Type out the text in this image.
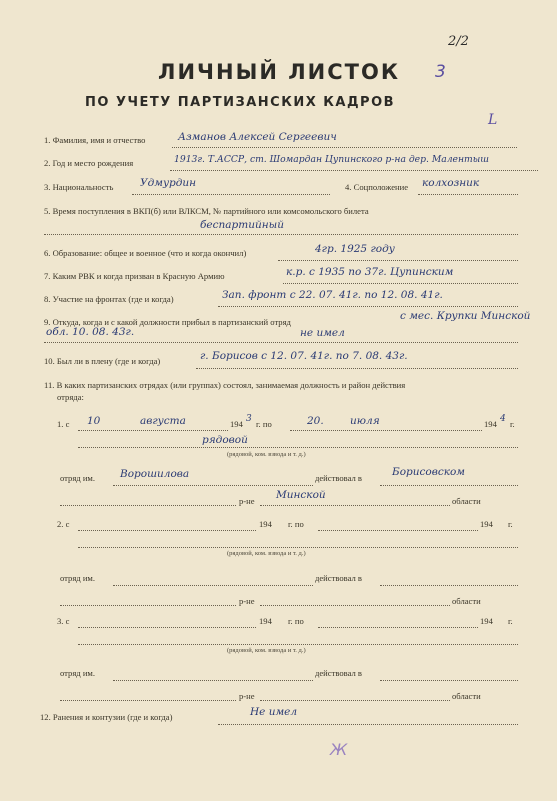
2/2
3
L
ЛИЧНЫЙ ЛИСТОК
ПО УЧЕТУ ПАРТИЗАНСКИХ КАДРОВ
1. Фамилия, имя и отчество	Азманов Алексей Сергеевич
2. Год и место рождения	1913г. Т.АССР, ст. Шомардан Цупинского р-на дер. Малентыш
3. Национальность	Удмурдин	4. Соцположение колхозник
5. Время поступления в ВКП(б) или ВЛКСМ, № партийного или комсомольского билета
беспартийный
6. Образование: общее и военное (что и когда окончил)	4гр. 1925 году
7. Каким РВК и когда призван в Красную Армию	к.р. с 1935 по 37г. Цупинским
8. Участие на фронтах (где и когда)	Зап. фронт с 22. 07. 41г. по 12. 08. 41г.
9. Откуда, когда и с какой должности прибыл в партизанский отряд	с мес. Крупки Минской
обл. 10. 08. 43г.	не имел
10. Был ли в плену (где и когда)	г. Борисов с 12. 07. 41г. по 7. 08. 43г.
11. В каких партизанских отрядах (или группах) состоял, занимаемая должность и район действия
отряда:
1. с 10	августа	194 3 г. по	20.	июля	194 4 г.
рядовой
(рядовой, ком. взвода и т. д.)
отряд им. Ворошилова	действовал в	Борисовском
р-не Минской	области
2. с	194 г. по	194 г.
(рядовой, ком. взвода и т. д.)
отряд им.	действовал в
р-не	области
3. с	194 г. по	194 г.
(рядовой, ком. взвода и т. д.)
отряд им.	действовал в
р-не	области
12. Ранения и контузии (где и когда)	Не имел
Ж
